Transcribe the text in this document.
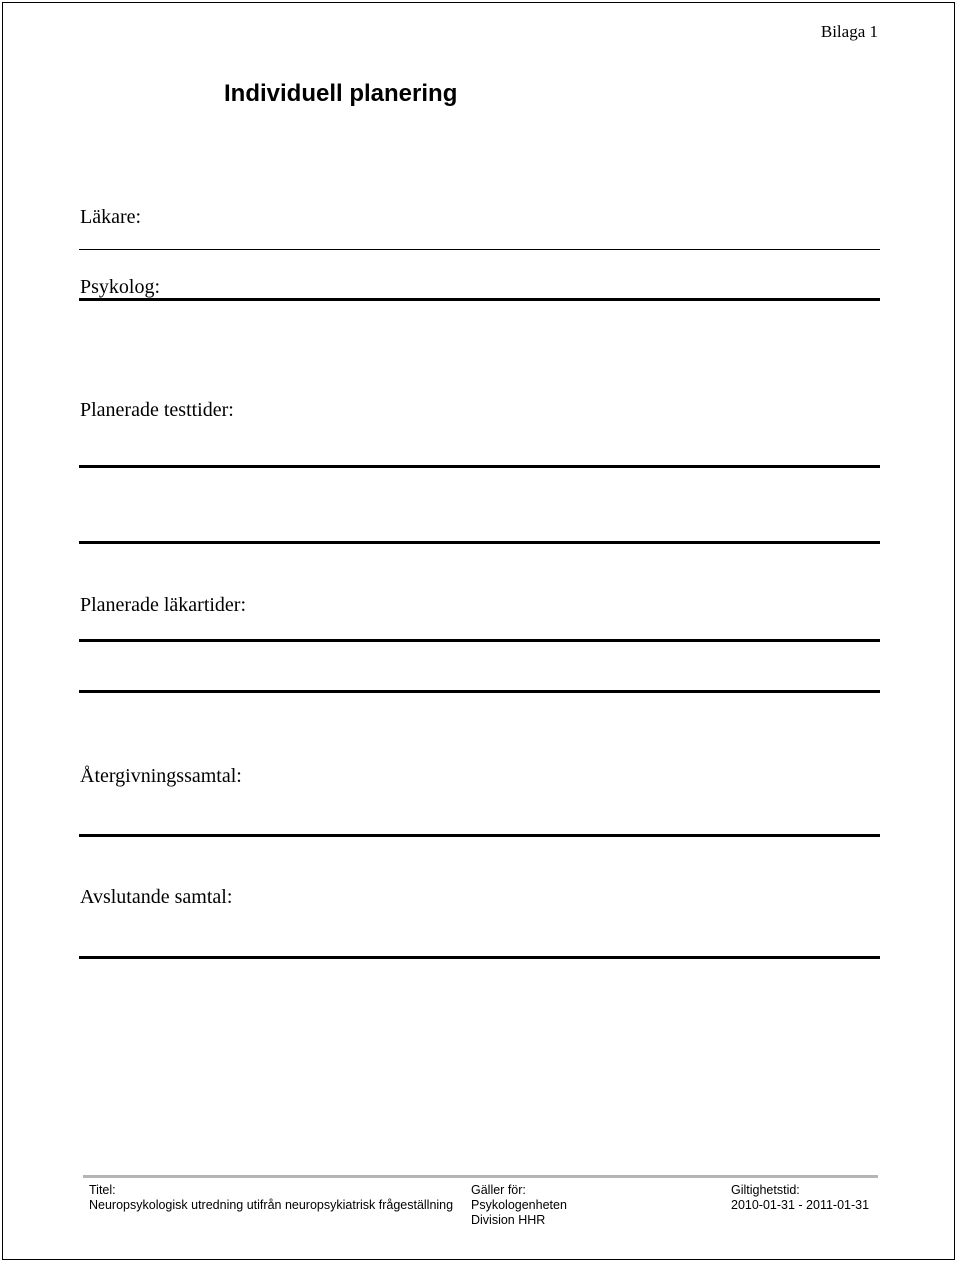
Bilaga 1
Individuell planering
Läkare:
Psykolog:
Planerade testtider:
Planerade läkartider:
Återgivningssamtal:
Avslutande samtal:
Titel:
Neuropsykologisk utredning utifrån neuropsykiatrisk frågeställning
Gäller för:
Psykologenheten
Division HHR
Giltighetstid:
2010-01-31 - 2011-01-31
